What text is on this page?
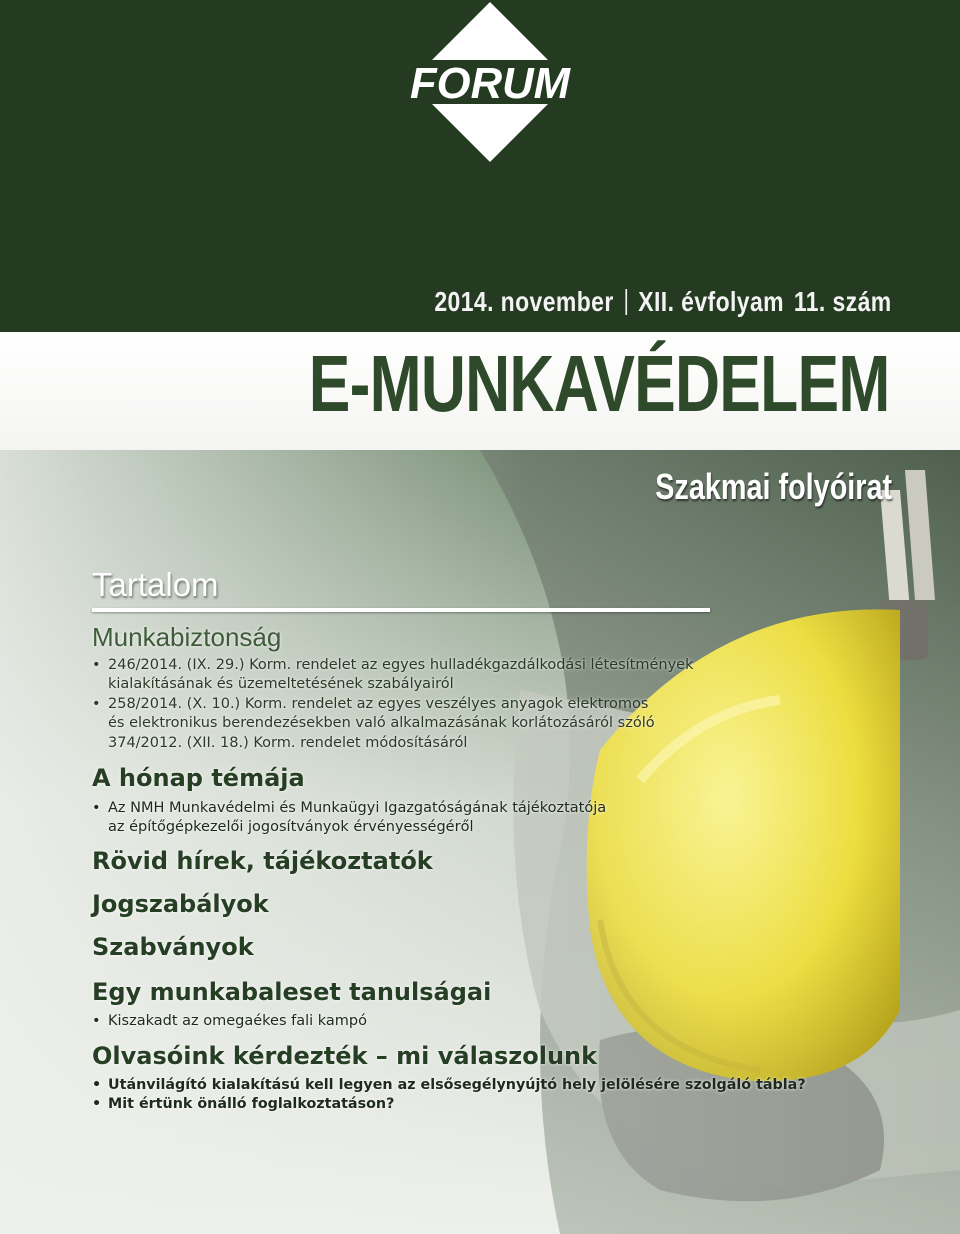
FORUM
2014. november XII. évfolyam 11. szám
E-MUNKAVÉDELEM
Szakmai folyóirat
Tartalom
Munkabiztonság
• 246/2014. (IX. 29.) Korm. rendelet az egyes hulladékgazdálkodási létesítmények
kialakításának és üzemeltetésének szabályairól
• 258/2014. (X. 10.) Korm. rendelet az egyes veszélyes anyagok elektromos
és elektronikus berendezésekben való alkalmazásának korlátozásáról szóló
374/2012. (XII. 18.) Korm. rendelet módosításáról
A hónap témája
• Az NMH Munkavédelmi és Munkaügyi Igazgatóságának tájékoztatója
az építőgépkezelői jogosítványok érvényességéről
Rövid hírek, tájékoztatók
Jogszabályok
Szabványok
Egy munkabaleset tanulságai
• Kiszakadt az omegaékes fali kampó
Olvasóink kérdezték – mi válaszolunk
• Utánvilágító kialakítású kell legyen az elsősegélynyújtó hely jelölésére szolgáló tábla?
• Mit értünk önálló foglalkoztatáson?
